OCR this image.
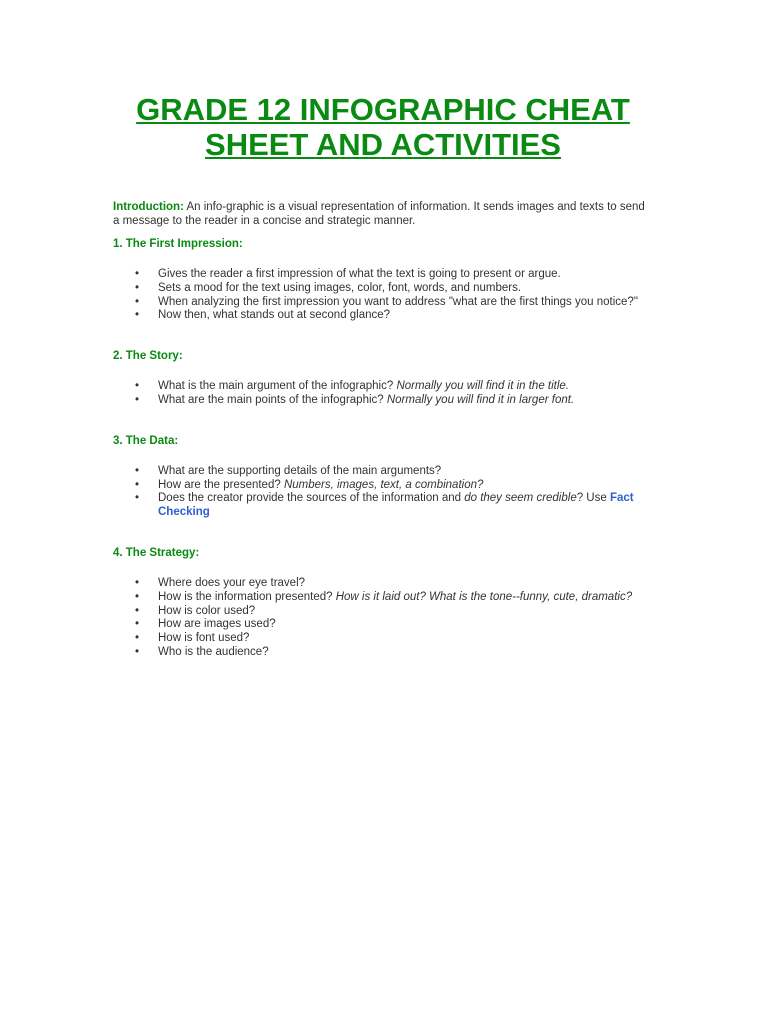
GRADE 12 INFOGRAPHIC CHEAT
SHEET AND ACTIVITIES

Introduction: An info-graphic is a visual representation of information. It sends images and texts to send a message to the reader in a concise and strategic manner.

1. The First Impression:

• Gives the reader a first impression of what the text is going to present or argue.
• Sets a mood for the text using images, color, font, words, and numbers.
• When analyzing the first impression you want to address "what are the first things you notice?"
• Now then, what stands out at second glance?

2. The Story:

• What is the main argument of the infographic? Normally you will find it in the title.
• What are the main points of the infographic? Normally you will find it in larger font.

3. The Data:

• What are the supporting details of the main arguments?
• How are the presented? Numbers, images, text, a combination?
• Does the creator provide the sources of the information and do they seem credible? Use Fact Checking

4. The Strategy:

• Where does your eye travel?
• How is the information presented? How is it laid out? What is the tone--funny, cute, dramatic?
• How is color used?
• How are images used?
• How is font used?
• Who is the audience?
